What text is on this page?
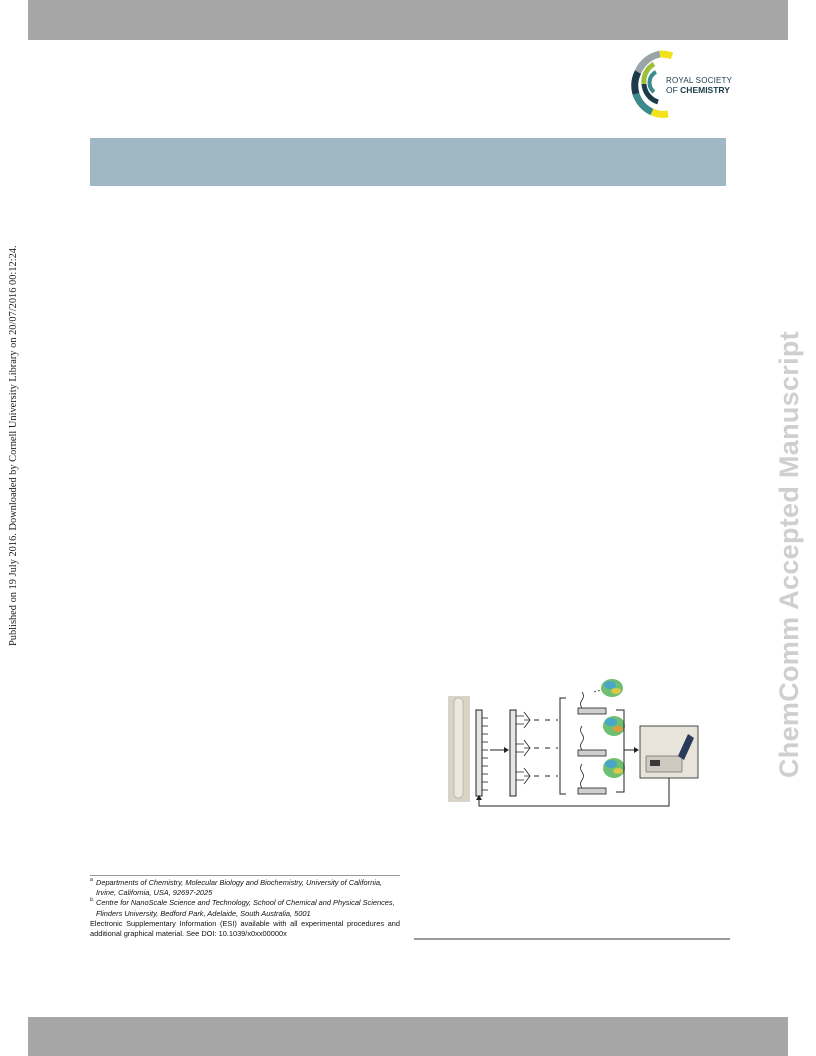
ROYAL SOCIETY
OF CHEMISTRY
Published on 19 July 2016. Downloaded by Cornell University Library on 20/07/2016 00:12:24.	ChemComm Accepted Manuscript
a Departments of Chemistry, Molecular Biology and Biochemistry, University of California, Irvine, California, USA, 92697-2025
b. Centre for NanoScale Science and Technology, School of Chemical and Physical Sciences, Flinders University, Bedford Park, Adelaide, South Australia, 5001
Electronic Supplementary Information (ESI) available with all experimental procedures and additional graphical material. See DOI: 10.1039/x0xx00000x
